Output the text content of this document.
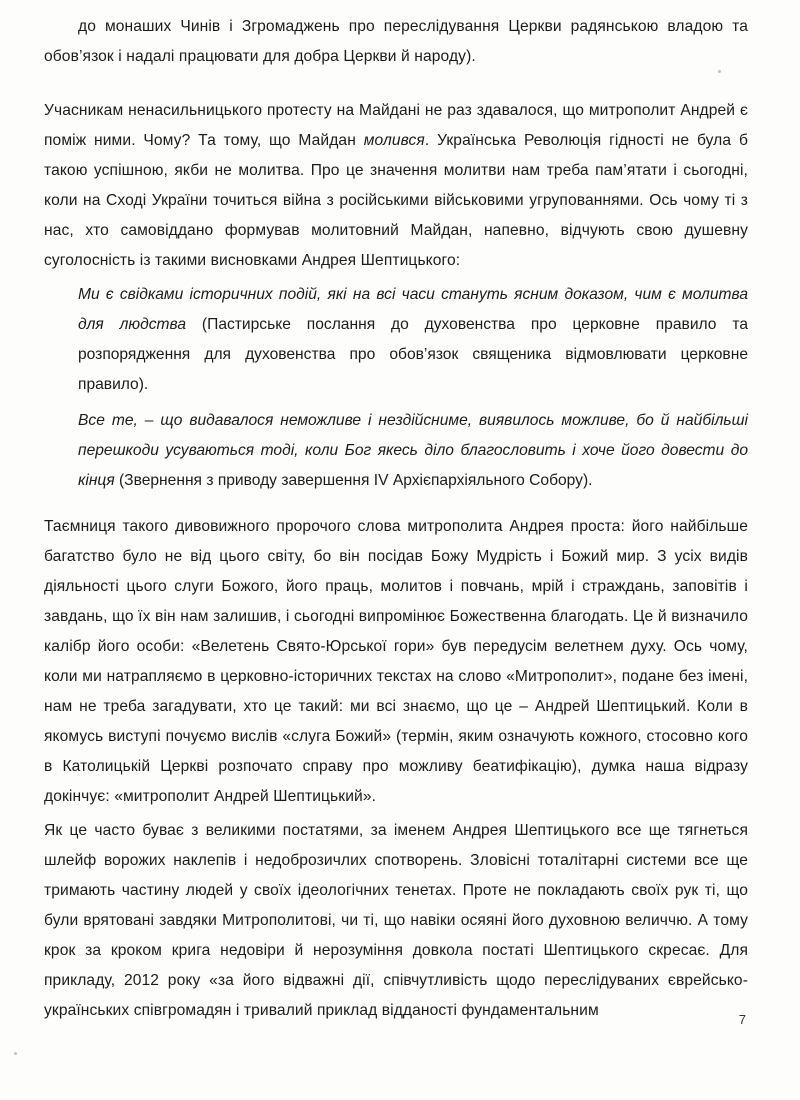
до монаших Чинів і Згромаджень про переслідування Церкви радянською владою та обов’язок і надалі працювати для добра Церкви й народу).

Учасникам ненасильницького протесту на Майдані не раз здавалося, що митрополит Андрей є поміж ними. Чому? Та тому, що Майдан молився. Українська Революція гідності не була б такою успішною, якби не молитва. Про це значення молитви нам треба пам’ятати і сьогодні, коли на Сході України точиться війна з російськими військовими угрупованнями. Ось чому ті з нас, хто самовіддано формував молитовний Майдан, напевно, відчують свою душевну суголосність із такими висновками Андрея Шептицького:

Ми є свідками історичних подій, які на всі часи стануть ясним доказом, чим є молитва для людства (Пастирське послання до духовенства про церковне правило та розпорядження для духовенства про обов’язок священика відмовлювати церковне правило).

Все те, – що видавалося неможливе і нездійсниме, виявилось можливе, бо й найбільші перешкоди усуваються тоді, коли Бог якесь діло благословить і хоче його довести до кінця (Звернення з приводу завершення IV Архієпархіяльного Собору).

Таємниця такого дивовижного пророчого слова митрополита Андрея проста: його найбільше багатство було не від цього світу, бо він посідав Божу Мудрість і Божий мир. З усіх видів діяльності цього слуги Божого, його праць, молитов і повчань, мрій і страждань, заповітів і завдань, що їх він нам залишив, і сьогодні випромінює Божественна благодать. Це й визначило калібр його особи: «Велетень Свято-Юрської гори» був передусім велетнем духу. Ось чому, коли ми натрапляємо в церковно-історичних текстах на слово «Митрополит», подане без імені, нам не треба загадувати, хто це такий: ми всі знаємо, що це – Андрей Шептицький. Коли в якомусь виступі почуємо вислів «слуга Божий» (термін, яким означують кожного, стосовно кого в Католицькій Церкві розпочато справу про можливу беатифікацію), думка наша відразу докінчує: «митрополит Андрей Шептицький».

Як це часто буває з великими постатями, за іменем Андрея Шептицького все ще тягнеться шлейф ворожих наклепів і недоброзичлих спотворень. Зловісні тоталітарні системи все ще тримають частину людей у своїх ідеологічних тенетах. Проте не покладають своїх рук ті, що були врятовані завдяки Митрополитові, чи ті, що навіки осяяні його духовною величчю. А тому крок за кроком крига недовіри й нерозуміння довкола постаті Шептицького скресає. Для прикладу, 2012 року «за його відважні дії, співчутливість щодо переслідуваних єврейсько-українських співгромадян і тривалий приклад відданості фундаментальним

7
